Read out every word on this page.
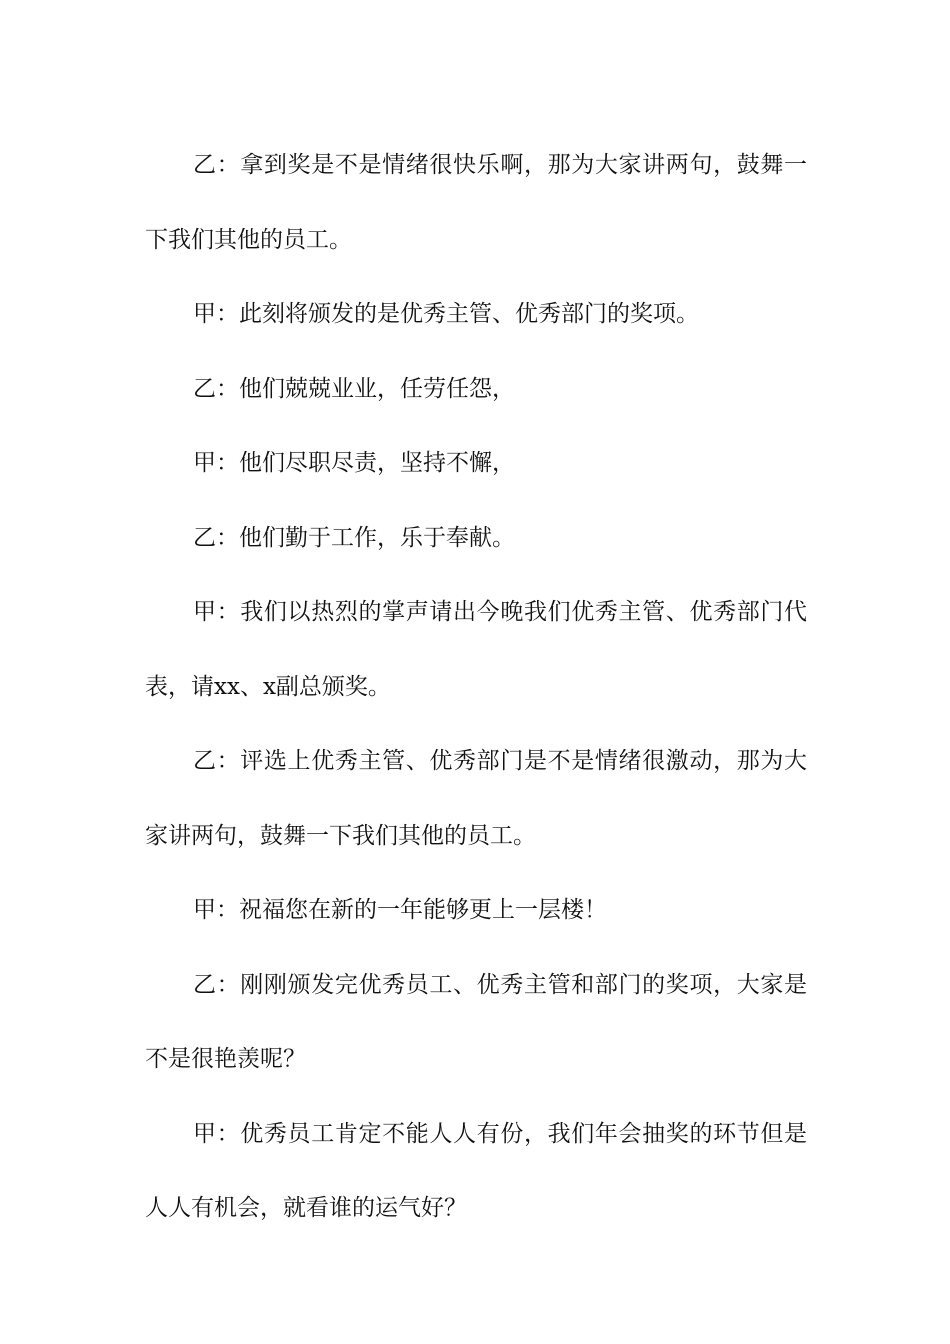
乙：拿到奖是不是情绪很快乐啊，那为大家讲两句，鼓舞一下我们其他的员工。

甲：此刻将颁发的是优秀主管、优秀部门的奖项。

乙：他们兢兢业业，任劳任怨，

甲：他们尽职尽责，坚持不懈，

乙：他们勤于工作，乐于奉献。

甲：我们以热烈的掌声请出今晚我们优秀主管、优秀部门代表，请xx、x副总颁奖。

乙：评选上优秀主管、优秀部门是不是情绪很激动，那为大家讲两句，鼓舞一下我们其他的员工。

甲：祝福您在新的一年能够更上一层楼！

乙：刚刚颁发完优秀员工、优秀主管和部门的奖项，大家是不是很艳羡呢？

甲：优秀员工肯定不能人人有份，我们年会抽奖的环节但是人人有机会，就看谁的运气好？
